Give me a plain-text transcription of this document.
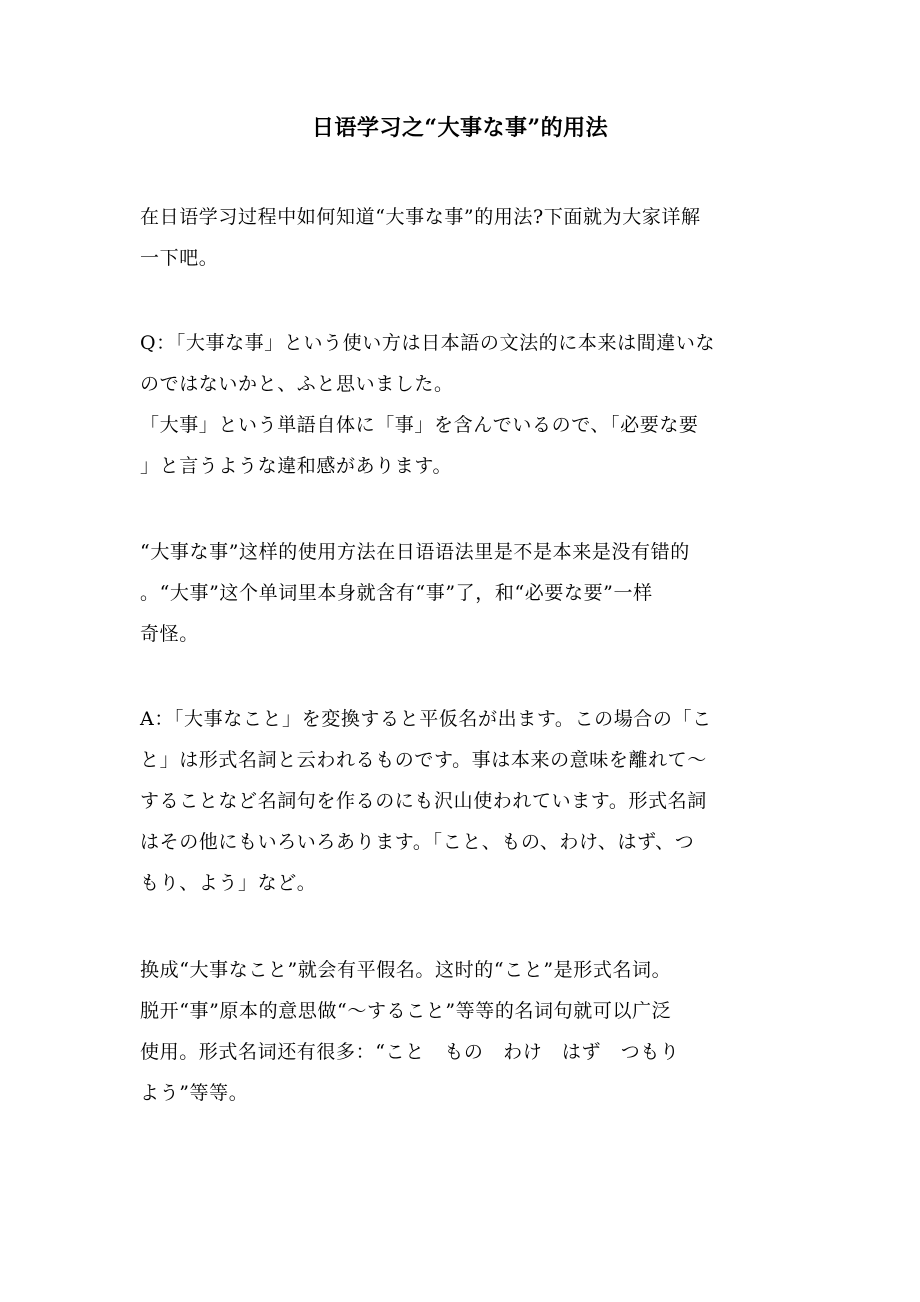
日语学习之“大事な事”的用法
在日语学习过程中如何知道“大事な事”的用法?下面就为大家详解
一下吧。
Q：「大事な事」という使い方は日本語の文法的に本来は間違いな
のではないかと、ふと思いました。
「大事」という単語自体に「事」を含んでいるので、「必要な要
」と言うような違和感があります。
“大事な事”这样的使用方法在日语语法里是不是本来是没有错的
。“大事”这个单词里本身就含有“事”了，和“必要な要”一样
奇怪。
A：「大事なこと」を変換すると平仮名が出ます。この場合の「こ
と」は形式名詞と云われるものです。事は本来の意味を離れて～
することなど名詞句を作るのにも沢山使われています。形式名詞
はその他にもいろいろあります。「こと、もの、わけ、はず、つ
もり、よう」など。
换成“大事なこと”就会有平假名。这时的“こと”是形式名词。
脱开“事”原本的意思做“～すること”等等的名词句就可以广泛
使用。形式名词还有很多：“こと　もの　わけ　はず　つもり
よう”等等。
